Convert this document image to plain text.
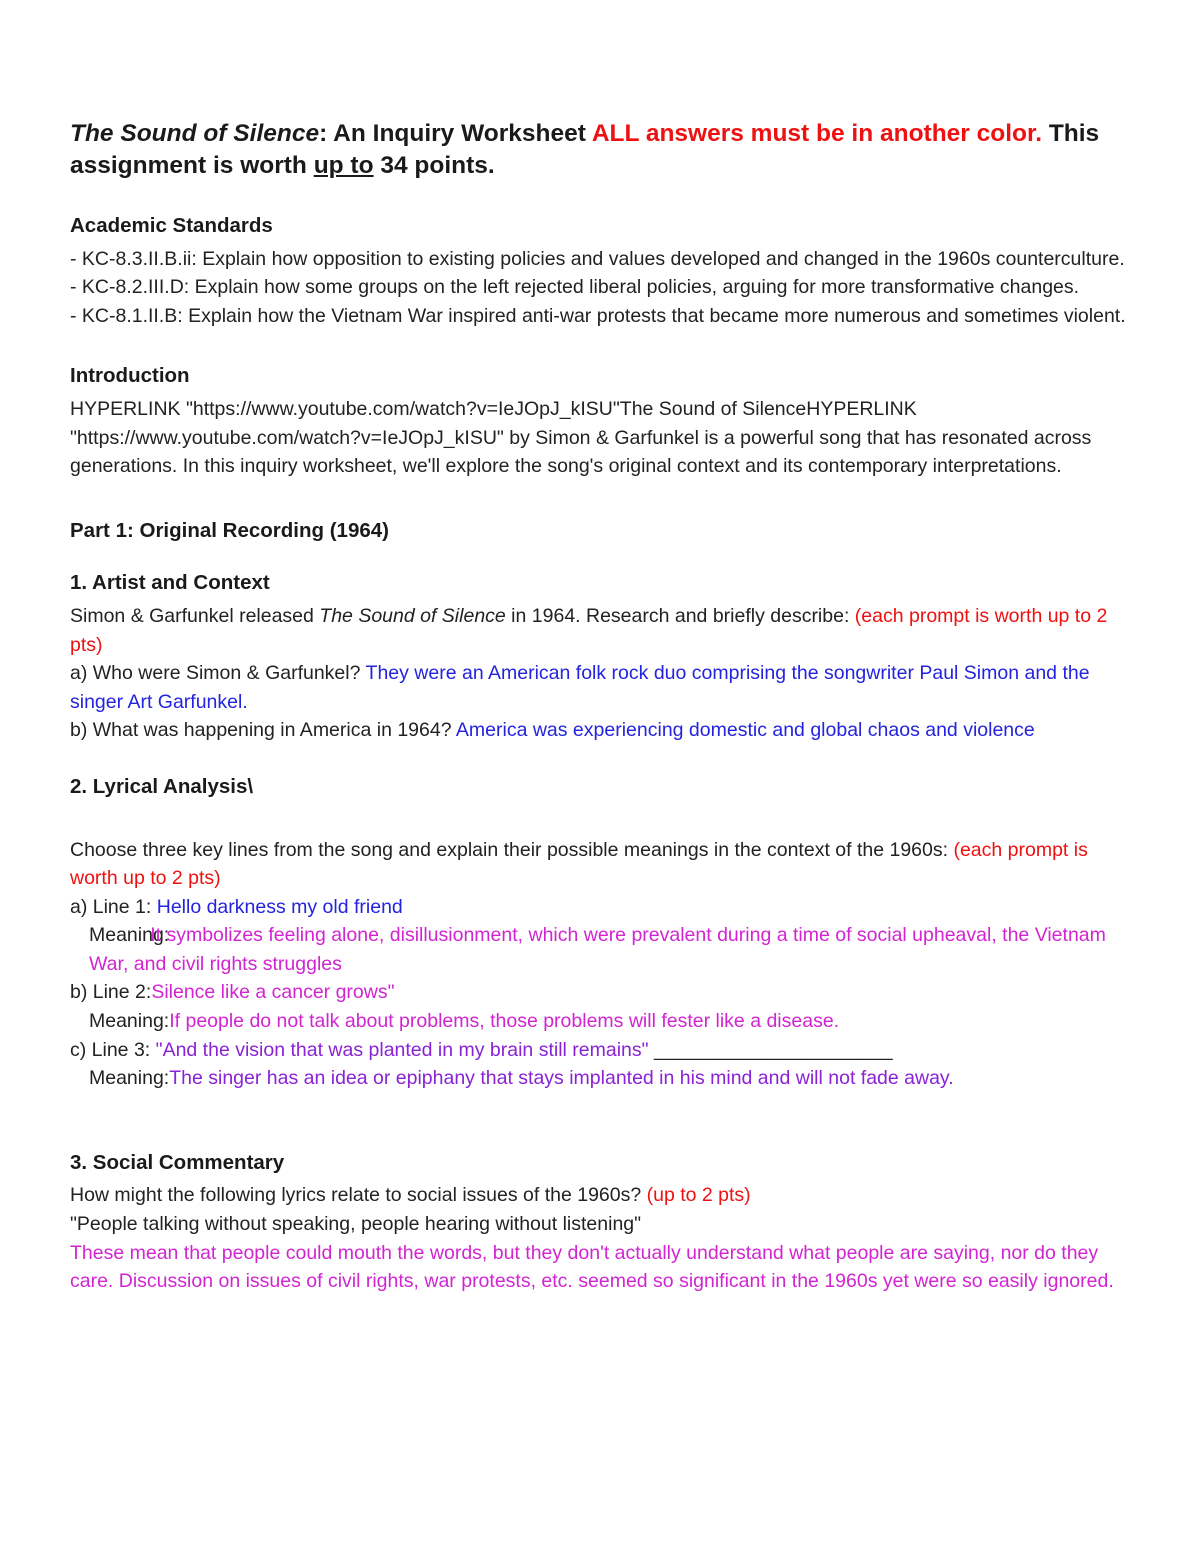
The Sound of Silence: An Inquiry Worksheet ALL answers must be in another color. This assignment is worth up to 34 points.
Academic Standards
- KC-8.3.II.B.ii: Explain how opposition to existing policies and values developed and changed in the 1960s counterculture.
- KC-8.2.III.D: Explain how some groups on the left rejected liberal policies, arguing for more transformative changes.
- KC-8.1.II.B: Explain how the Vietnam War inspired anti-war protests that became more numerous and sometimes violent.
Introduction
HYPERLINK "https://www.youtube.com/watch?v=IeJOpJ_kISU"The Sound of SilenceHYPERLINK "https://www.youtube.com/watch?v=IeJOpJ_kISU" by Simon & Garfunkel is a powerful song that has resonated across generations. In this inquiry worksheet, we'll explore the song's original context and its contemporary interpretations.
Part 1: Original Recording (1964)
1. Artist and Context
Simon & Garfunkel released The Sound of Silence in 1964. Research and briefly describe: (each prompt is worth up to 2 pts)
a) Who were Simon & Garfunkel? They were an American folk rock duo comprising the songwriter Paul Simon and the singer Art Garfunkel.
b) What was happening in America in 1964? America was experiencing domestic and global chaos and violence
2. Lyrical Analysis\
Choose three key lines from the song and explain their possible meanings in the context of the 1960s: (each prompt is worth up to 2 pts)
a) Line 1: Hello darkness my old friend
Meaning:It symbolizes feeling alone, disillusionment, which were prevalent during a time of social upheaval, the Vietnam War, and civil rights struggles
b) Line 2:Silence like a cancer grows"
Meaning:If people do not talk about problems, those problems will fester like a disease.
c) Line 3: "And the vision that was planted in my brain still remains" ______________________
Meaning:The singer has an idea or epiphany that stays implanted in his mind and will not fade away.
3. Social Commentary
How might the following lyrics relate to social issues of the 1960s? (up to 2 pts)
"People talking without speaking, people hearing without listening"
These mean that people could mouth the words, but they don't actually understand what people are saying, nor do they care. Discussion on issues of civil rights, war protests, etc. seemed so significant in the 1960s yet were so easily ignored.
